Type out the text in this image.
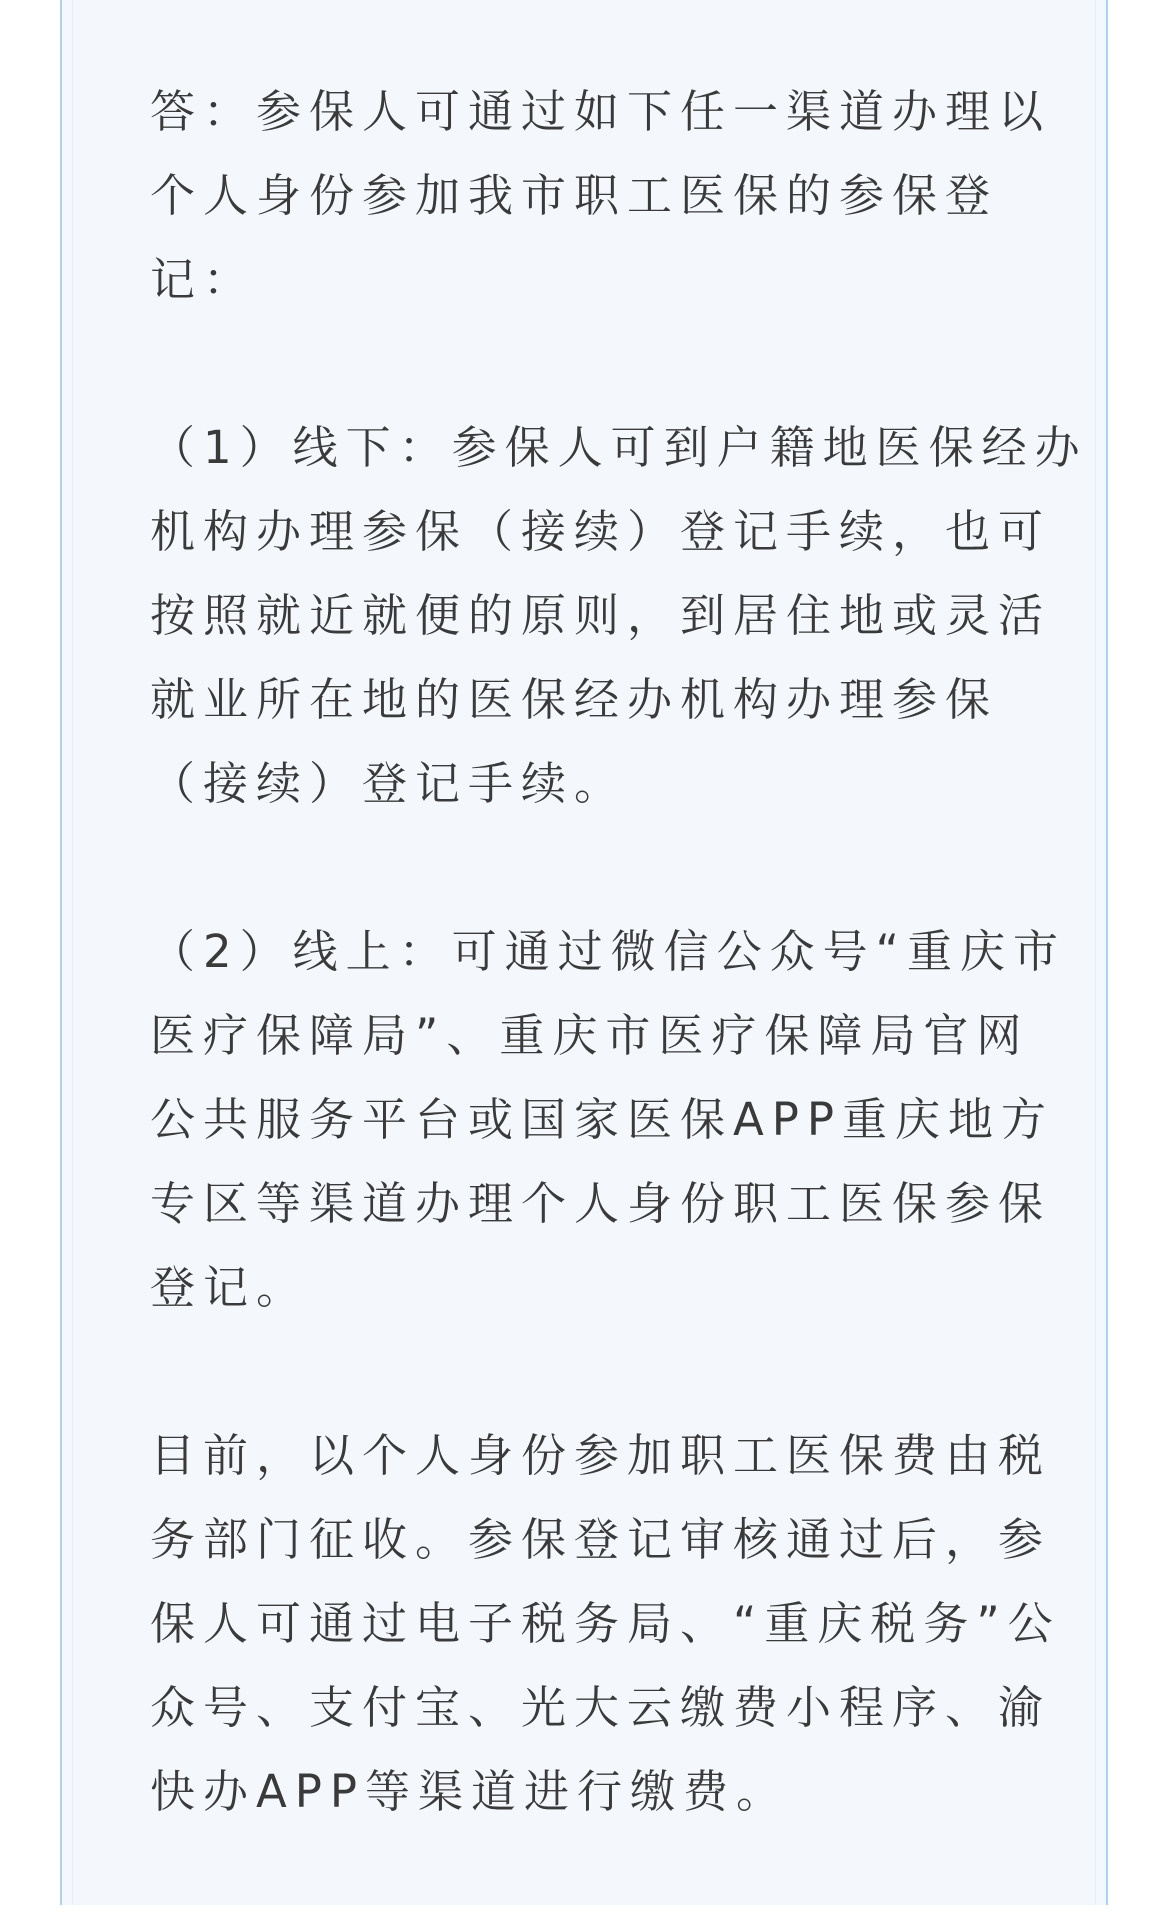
答：参保人可通过如下任一渠道办理以
个人身份参加我市职工医保的参保登
记：
（1）线下：参保人可到户籍地医保经办
机构办理参保（接续）登记手续，也可
按照就近就便的原则，到居住地或灵活
就业所在地的医保经办机构办理参保
（接续）登记手续。
（2）线上：可通过微信公众号“重庆市
医疗保障局”、重庆市医疗保障局官网
公共服务平台或国家医保APP重庆地方
专区等渠道办理个人身份职工医保参保
登记。
目前，以个人身份参加职工医保费由税
务部门征收。参保登记审核通过后，参
保人可通过电子税务局、“重庆税务”公
众号、支付宝、光大云缴费小程序、渝
快办APP等渠道进行缴费。
